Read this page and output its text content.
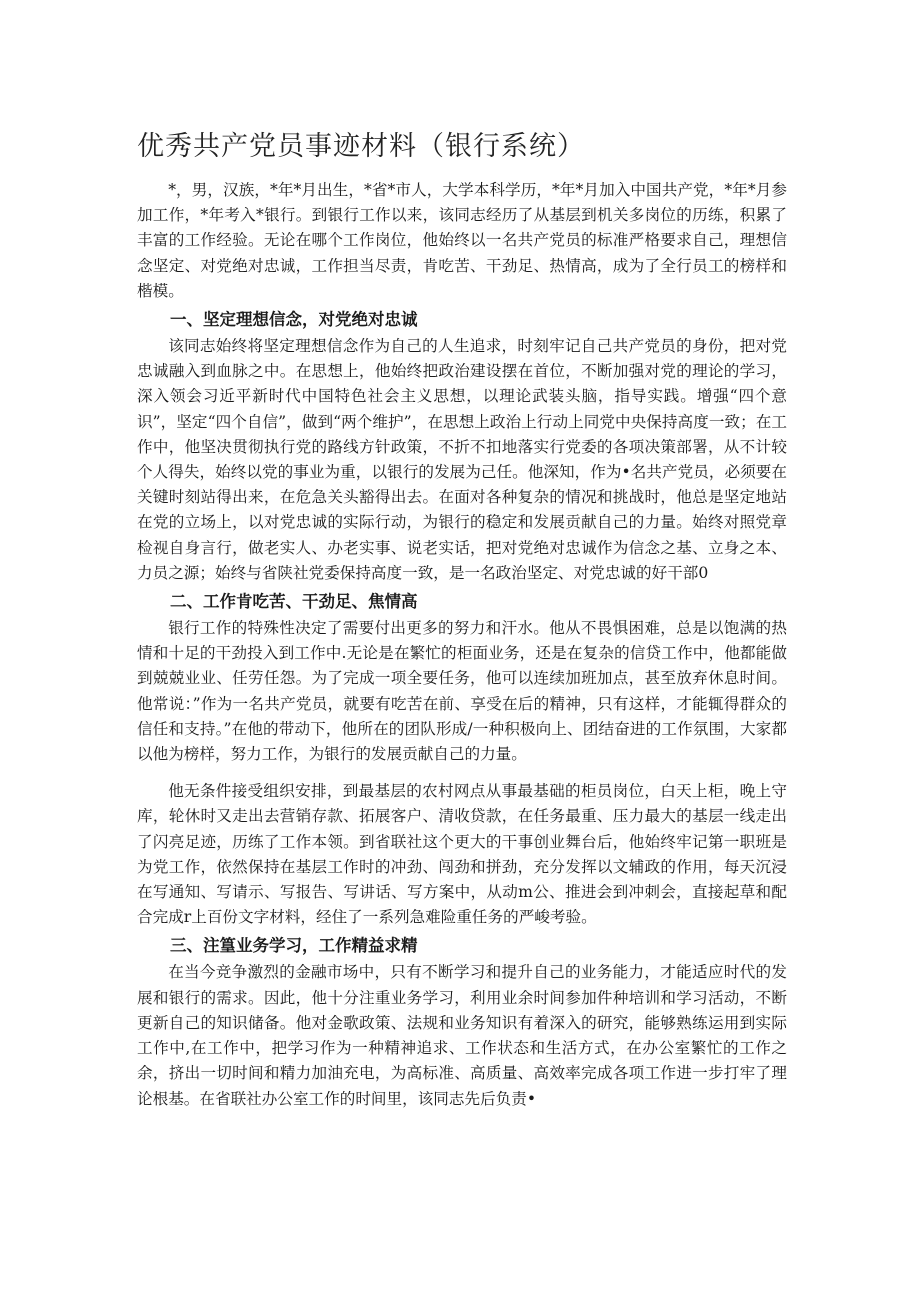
优秀共产党员事迹材料（银行系统）

*，男，汉族，*年*月出生，*省*市人，大学本科学历，*年*月加入中国共产党，*年*月参加工作，*年考入*银行。到银行工作以来，该同志经历了从基层到机关多岗位的历练，积累了丰富的工作经验。无论在哪个工作岗位，他始终以一名共产党员的标准严格要求自己，理想信念坚定、对党绝对忠诚，工作担当尽责，肯吃苦、干劲足、热情高，成为了全行员工的榜样和楷模。

一、坚定理想信念，对党绝对忠诚

该同志始终将坚定理想信念作为自己的人生追求，时刻牢记自己共产党员的身份，把对党忠诚融入到血脉之中。在思想上，他始终把政治建设摆在首位，不断加强对党的理论的学习，深入领会习近平新时代中国特色社会主义思想，以理论武装头脑，指导实践。增强“四个意识”，坚定“四个自信”，做到“两个维护”，在思想上政治上行动上同党中央保持高度一致；在工作中，他坚决贯彻执行党的路线方针政策，不折不扣地落实行党委的各项决策部署，从不计较个人得失，始终以党的事业为重，以银行的发展为己任。他深知，作为•名共产党员，必须要在关键时刻站得出来，在危急关头豁得出去。在面对各种复杂的情况和挑战时，他总是坚定地站在党的立场上，以对党忠诚的实际行动，为银行的稳定和发展贡献自己的力量。始终对照党章检视自身言行，做老实人、办老实事、说老实话，把对党绝对忠诚作为信念之基、立身之本、力员之源；始终与省陕社党委保持高度一致，是一名政治坚定、对党忠诚的好干部0

二、工作肯吃苦、干劲足、焦情高

银行工作的特殊性决定了需要付出更多的努力和汗水。他从不畏惧困难，总是以饱满的热情和十足的干劲投入到工作中.无论是在繁忙的柜面业务，还是在复杂的信贷工作中，他都能做到兢兢业业、任劳任怨。为了完成一项全要任务，他可以连续加班加点，甚至放弃休息时间。他常说：”作为一名共产党员，就要有吃苦在前、享受在后的精神，只有这样，才能辄得群众的信任和支持。”在他的带动下，他所在的团队形成/一种积极向上、团结奋进的工作氛围，大家都以他为榜样，努力工作，为银行的发展贡献自己的力量。

他无条件接受组织安排，到最基层的农村网点从事最基础的柜员岗位，白天上柜，晚上守库，轮休时又走出去营销存款、拓展客户、清收贷款，在任务最重、压力最大的基层一线走出了闪亮足迹，历练了工作本领。到省联社这个更大的干事创业舞台后，他始终牢记第一职班是为党工作，依然保持在基层工作时的冲劲、闯劲和拼劲，充分发挥以文辅政的作用，每天沉浸在写通知、写请示、写报告、写讲话、写方案中，从动m公、推进会到冲刺会，直接起草和配合完成r上百份文字材料，经住了一系列急难险重任务的严峻考验。

三、注篁业务学习，工作精益求精

在当今竞争激烈的金融市场中，只有不断学习和提升自己的业务能力，才能适应时代的发展和银行的需求。因此，他十分注重业务学习，利用业余时间参加件种培训和学习活动，不断更新自己的知识储备。他对金歌政策、法规和业务知识有着深入的研究，能够熟练运用到实际工作中,在工作中，把学习作为一种精神追求、工作状态和生活方式，在办公室繁忙的工作之余，挤出一切时间和精力加油充电，为高标准、高质量、高效率完成各项工作进一步打牢了理论根基。在省联社办公室工作的时间里，该同志先后负责•
